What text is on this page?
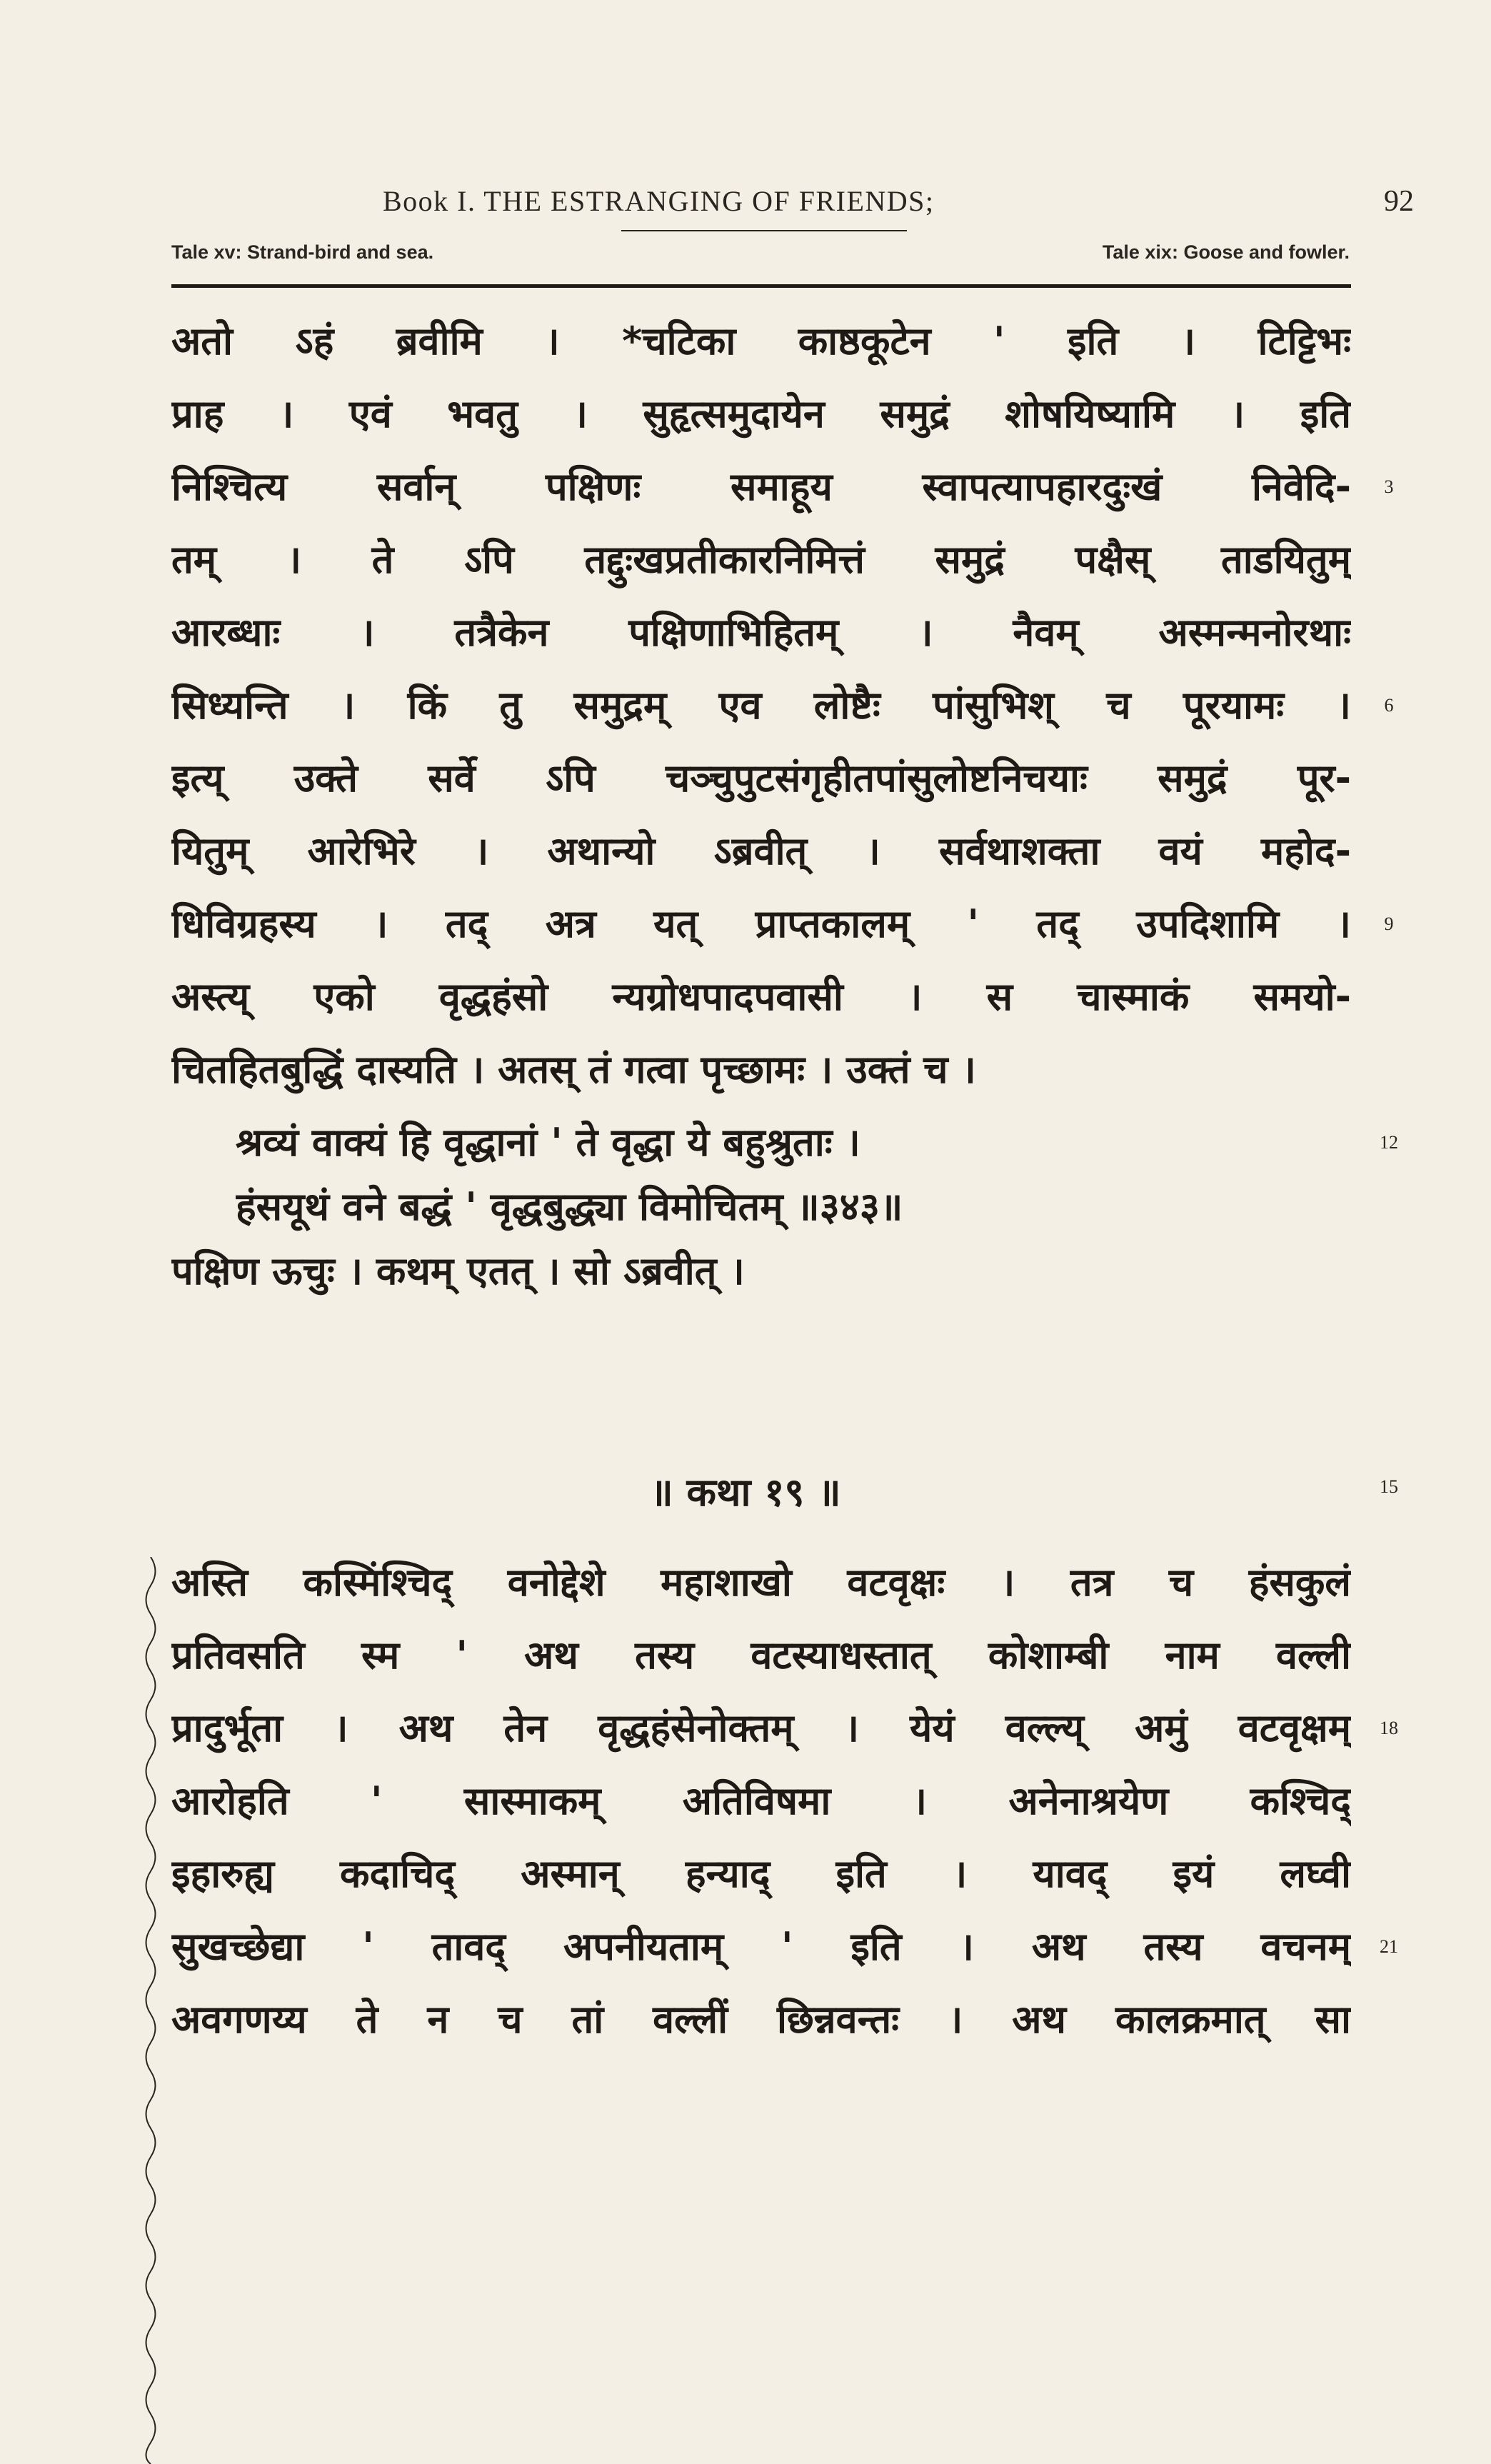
Book I. THE ESTRANGING OF FRIENDS;	92
Tale xv: Strand-bird and sea.	Tale xix: Goose and fowler.
अतो ऽहं ब्रवीमि । *चटिका काष्ठकूटेन ' इति । टिट्टिभः
प्राह । एवं भवतु । सुहृत्समुदायेन समुद्रं शोषयिष्यामि । इति
निश्चित्य सर्वान् पक्षिणः समाहूय स्वापत्यापहारदुःखं निवेदि-	3
तम् । ते ऽपि तद्दुःखप्रतीकारनिमित्तं समुद्रं पक्षैस् ताडयितुम्
आरब्धाः । तत्रैकेन पक्षिणाभिहितम् । नैवम् अस्मन्मनोरथाः
सिध्यन्ति । किं तु समुद्रम् एव लोष्टैः पांसुभिश् च पूरयामः ।	6
इत्य् उक्ते सर्वे ऽपि चञ्चुपुटसंगृहीतपांसुलोष्टनिचयाः समुद्रं पूर-
यितुम् आरेभिरे । अथान्यो ऽब्रवीत् । सर्वथाशक्ता वयं महोद-
धिविग्रहस्य । तद् अत्र यत् प्राप्तकालम् ' तद् उपदिशामि ।	9
अस्त्य् एको वृद्धहंसो न्यग्रोधपादपवासी । स चास्माकं समयो-
चितहितबुद्धिं दास्यति । अतस् तं गत्वा पृच्छामः । उक्तं च ।
श्रव्यं वाक्यं हि वृद्धानां ' ते वृद्धा ये बहुश्रुताः ।	12
हंसयूथं वने बद्धं ' वृद्धबुद्ध्या विमोचितम् ॥३४३॥
पक्षिण ऊचुः । कथम् एतत् । सो ऽब्रवीत् ।
॥ कथा १९ ॥	15
अस्ति कस्मिंश्चिद् वनोद्देशे महाशाखो वटवृक्षः । तत्र च हंसकुलं
प्रतिवसति स्म ' अथ तस्य वटस्याधस्तात् कोशाम्बी नाम वल्ली
प्रादुर्भूता । अथ तेन वृद्धहंसेनोक्तम् । येयं वल्ल्य् अमुं वटवृक्षम्	18
आरोहति ' सास्माकम् अतिविषमा । अनेनाश्रयेण कश्चिद्
इहारुह्य कदाचिद् अस्मान् हन्याद् इति । यावद् इयं लघ्वी
सुखच्छेद्या ' तावद् अपनीयताम् ' इति । अथ तस्य वचनम्	21
अवगणय्य ते न च तां वल्लीं छिन्नवन्तः । अथ कालक्रमात् सा
